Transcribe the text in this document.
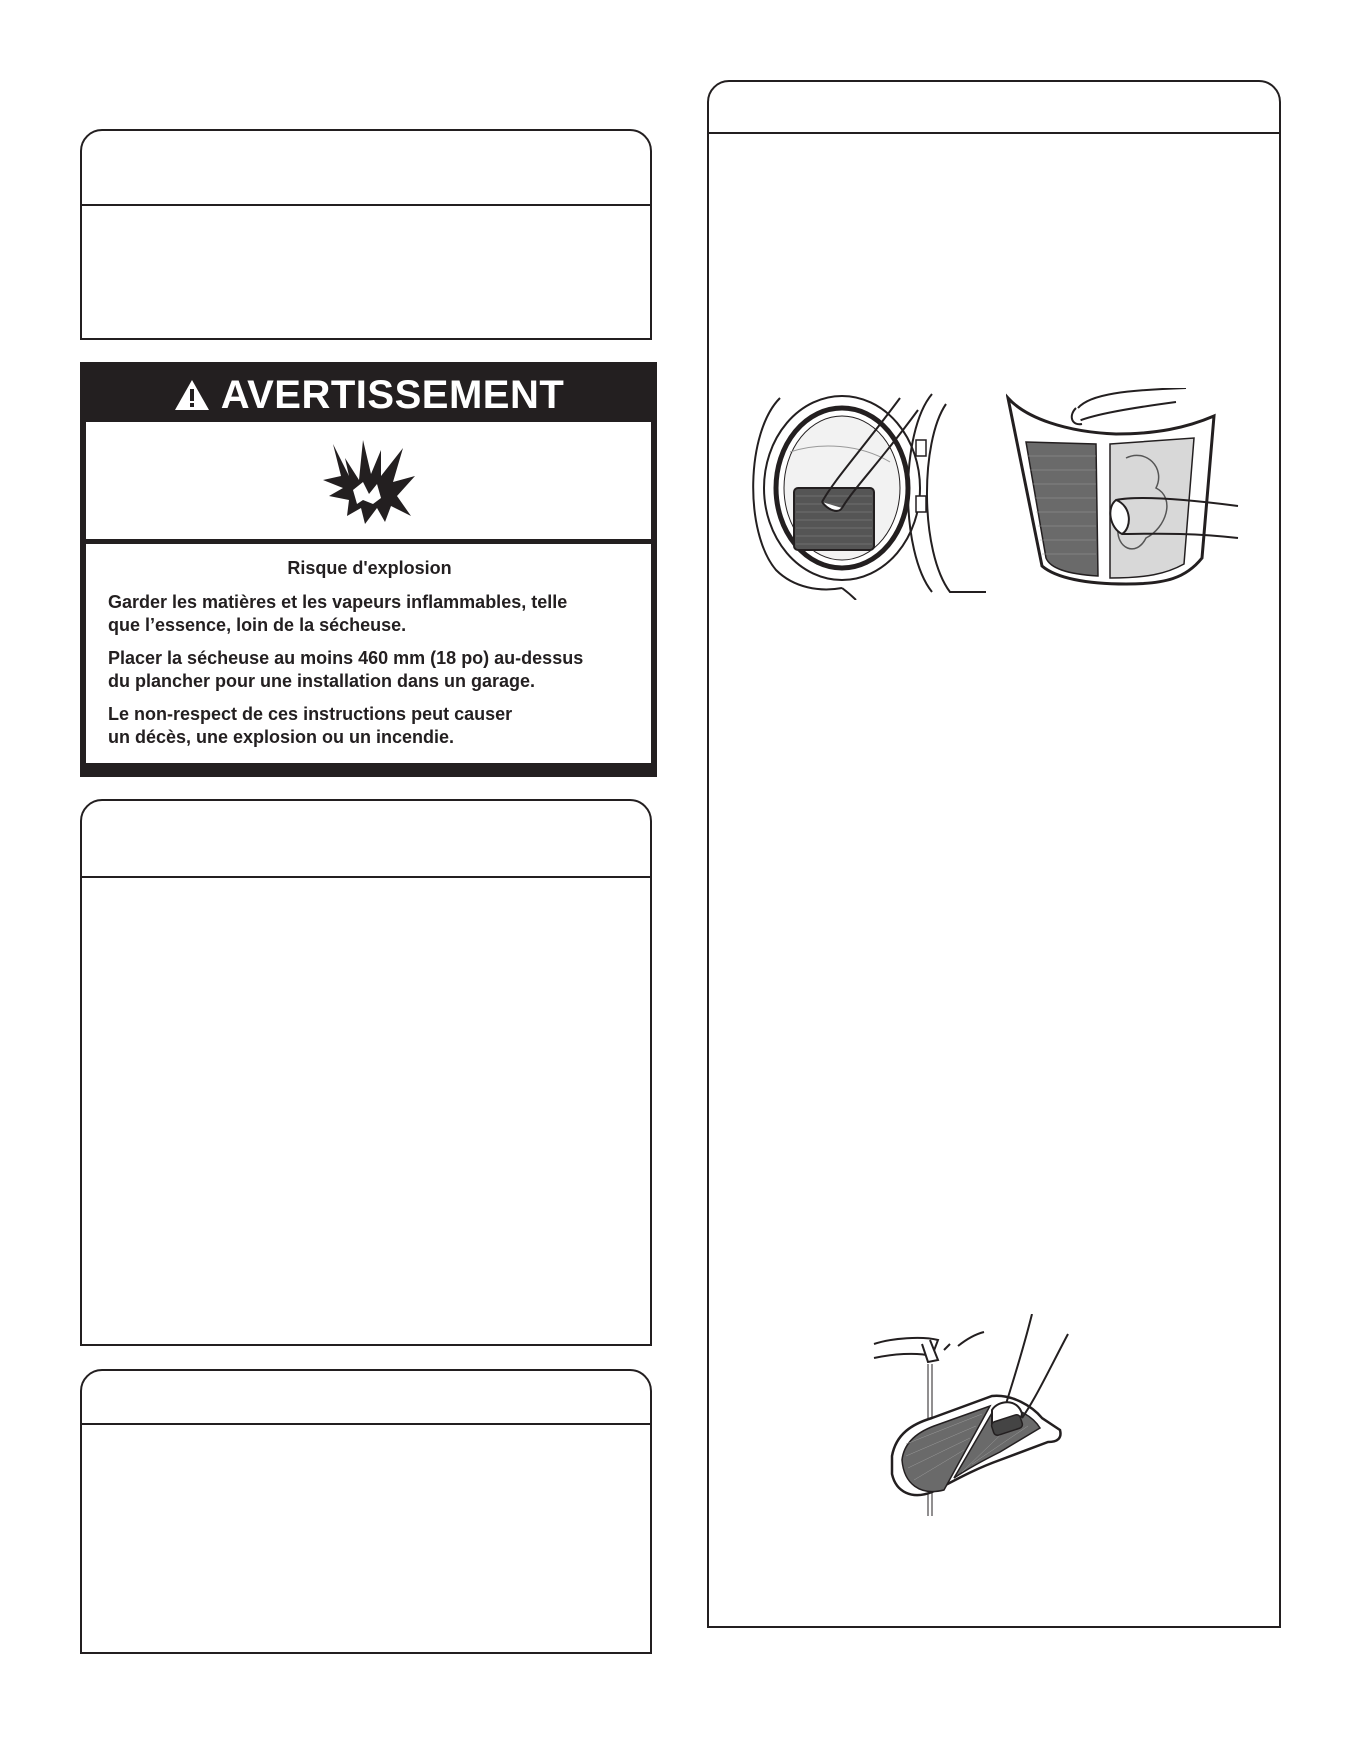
AVERTISSEMENT

Risque d'explosion

Garder les matières et les vapeurs inflammables, telle
que l’essence, loin de la sécheuse.

Placer la sécheuse au moins 460 mm (18 po) au-dessus
du plancher pour une installation dans un garage.

Le non-respect de ces instructions peut causer
un décès, une explosion ou un incendie.
